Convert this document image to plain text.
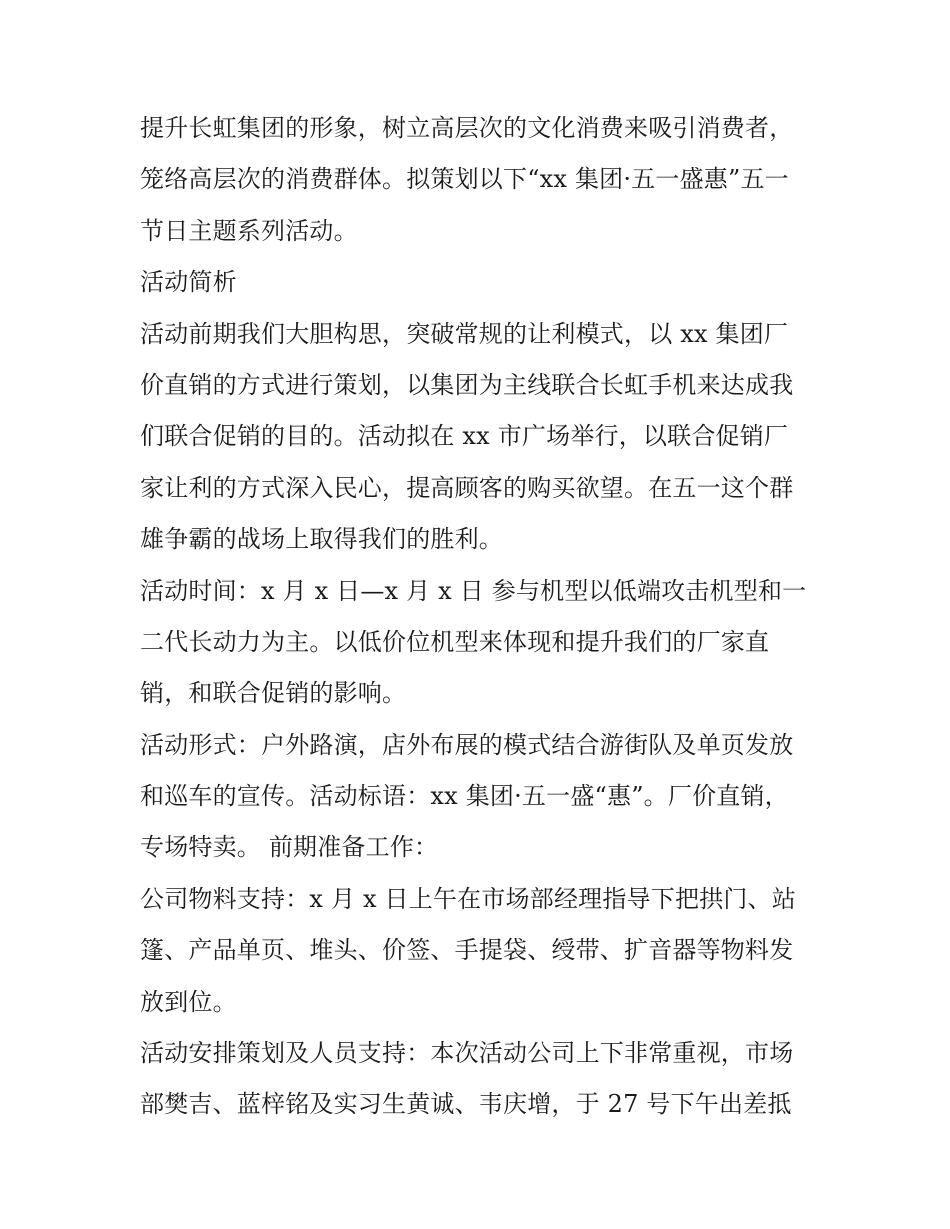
提升长虹集团的形象，树立高层次的文化消费来吸引消费者，
笼络高层次的消费群体。拟策划以下“xx 集团·五一盛惠”五一
节日主题系列活动。
活动简析
活动前期我们大胆构思，突破常规的让利模式，以 xx 集团厂
价直销的方式进行策划，以集团为主线联合长虹手机来达成我
们联合促销的目的。活动拟在 xx 市广场举行，以联合促销厂
家让利的方式深入民心，提高顾客的购买欲望。在五一这个群
雄争霸的战场上取得我们的胜利。
活动时间：x 月 x 日—x 月 x 日 参与机型以低端攻击机型和一
二代长动力为主。以低价位机型来体现和提升我们的厂家直
销，和联合促销的影响。
活动形式：户外路演，店外布展的模式结合游街队及单页发放
和巡车的宣传。活动标语：xx 集团·五一盛“惠”。厂价直销，
专场特卖。 前期准备工作：
公司物料支持：x 月 x 日上午在市场部经理指导下把拱门、站
篷、产品单页、堆头、价签、手提袋、绶带、扩音器等物料发
放到位。
活动安排策划及人员支持：本次活动公司上下非常重视，市场
部樊吉、蓝梓铭及实习生黄诚、韦庆增，于 27 号下午出差抵
